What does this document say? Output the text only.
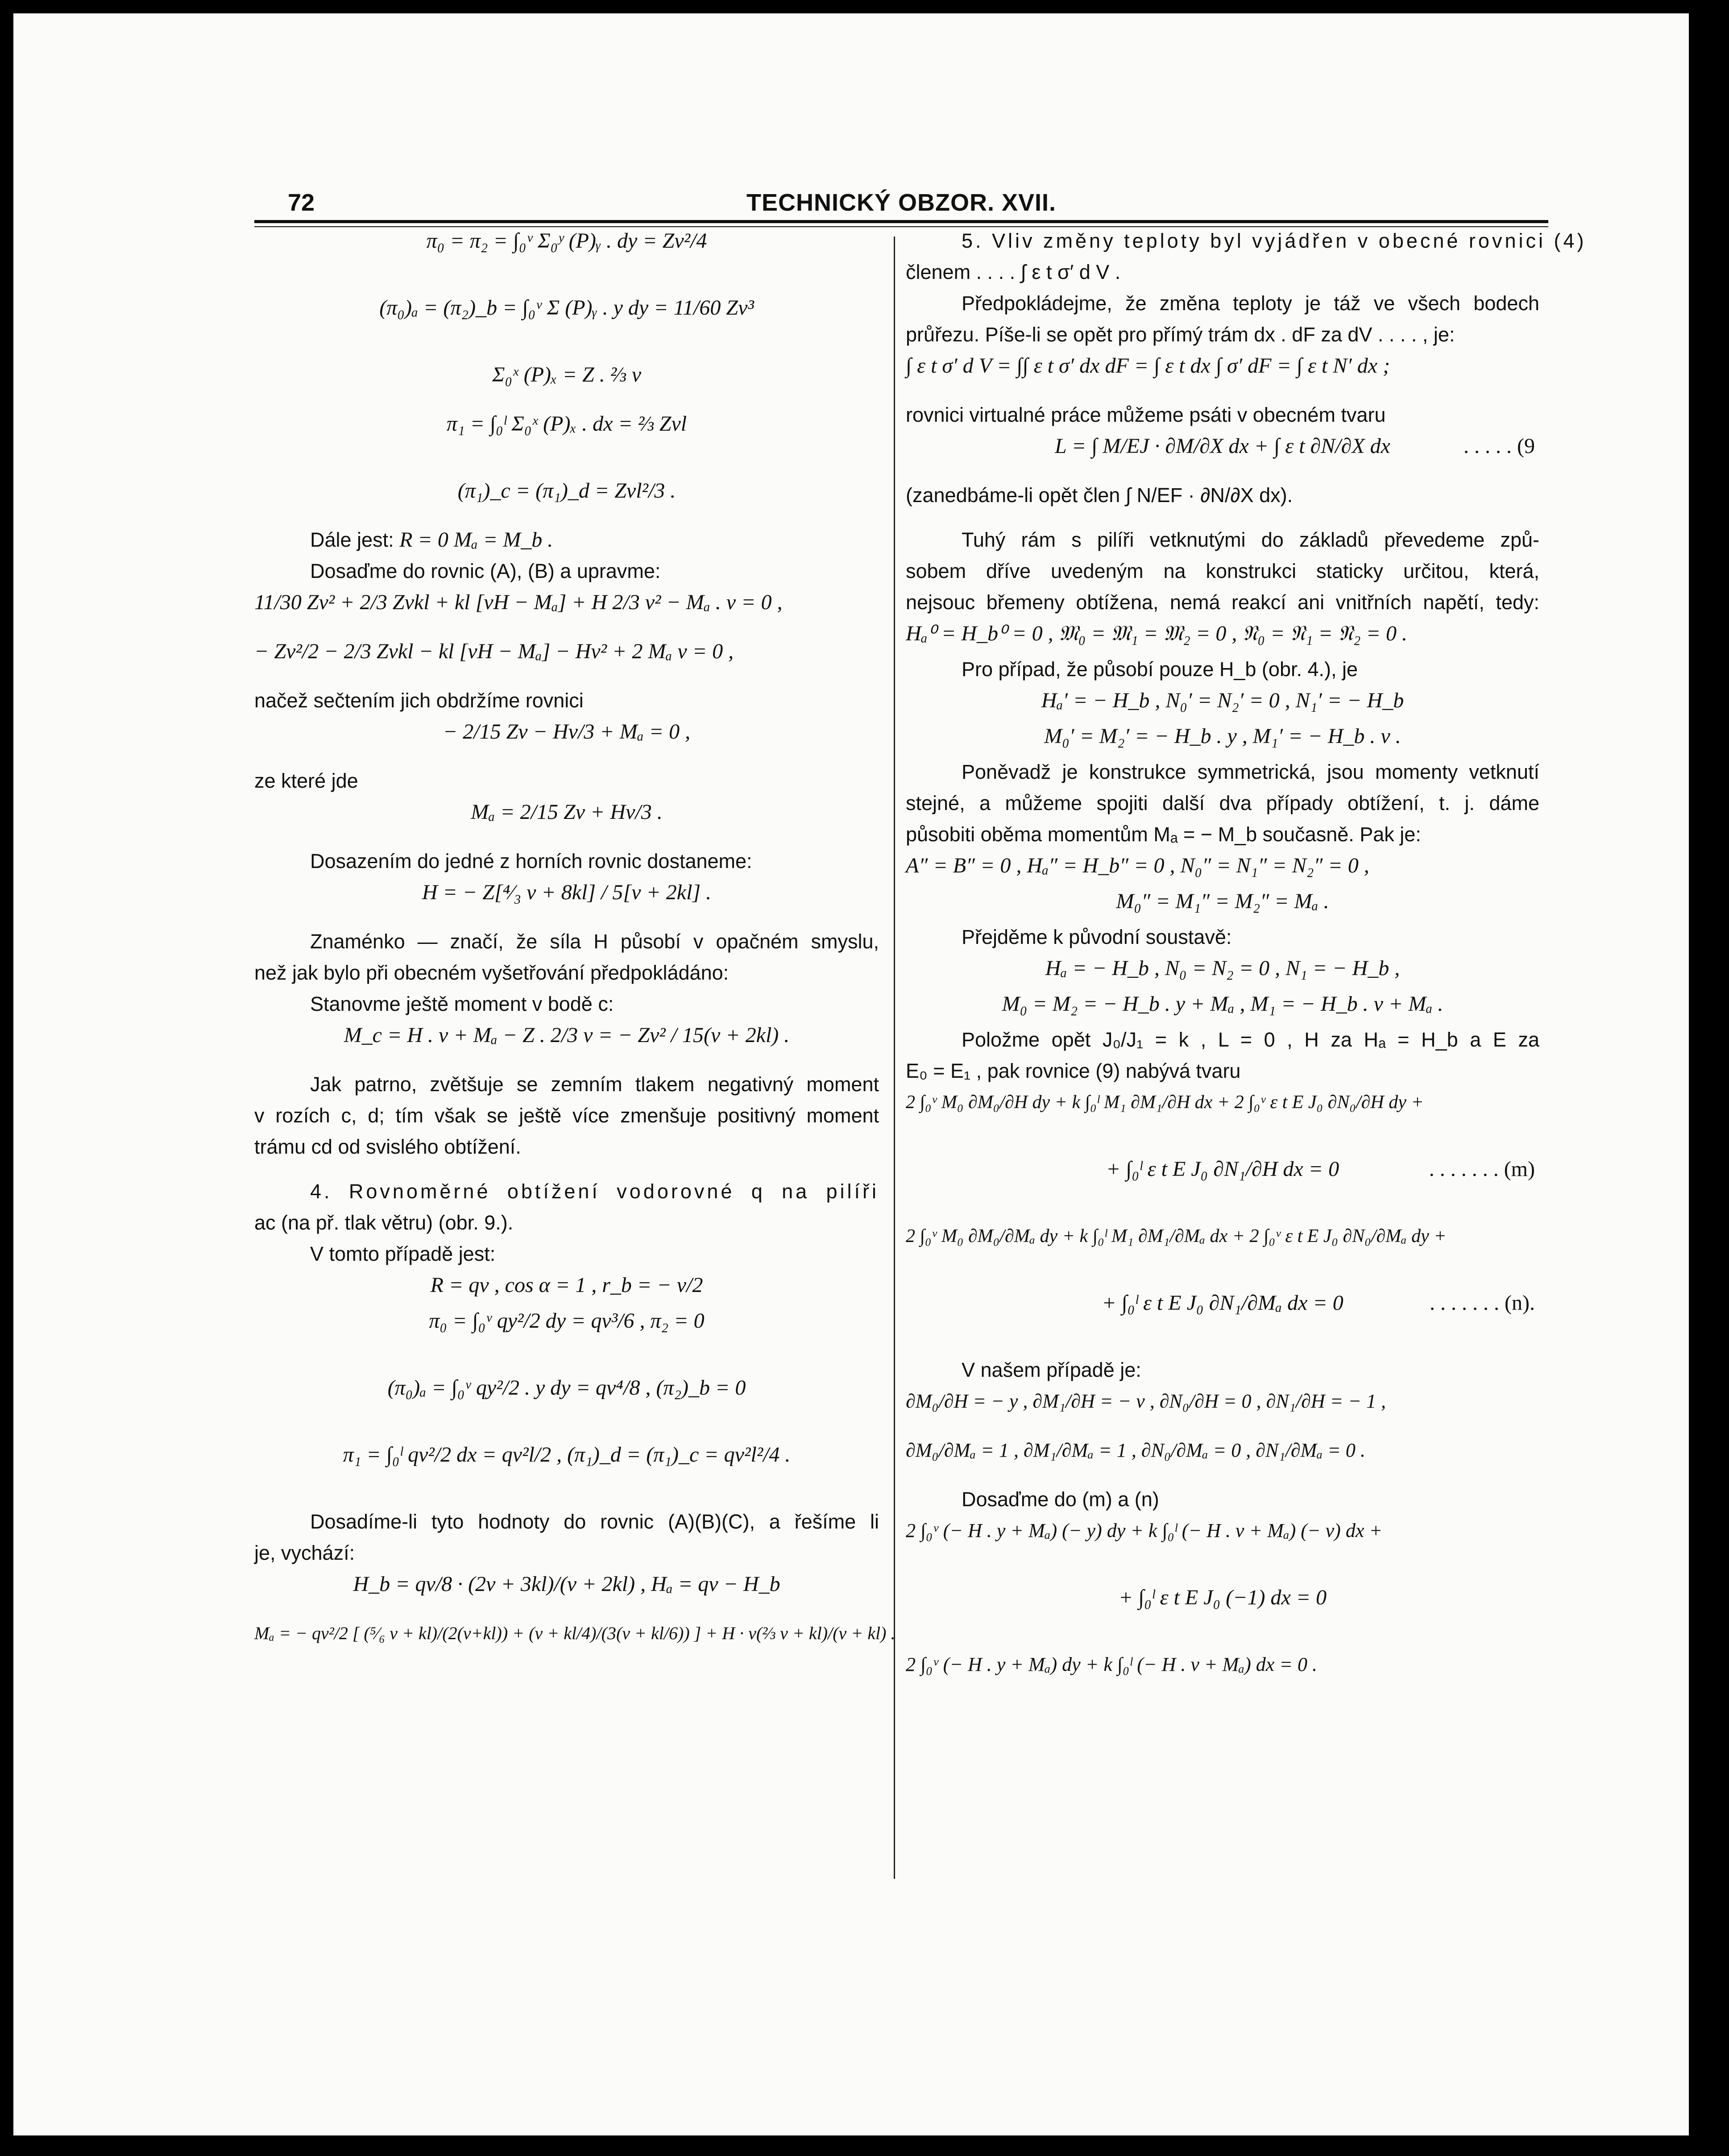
72	TECHNICKÝ OBZOR. XVII.
π₀ = π₂ = ∫₀ᵛ Σ₀ʸ (P)ᵧ . dy = Zv²/4
(π₀)ₐ = (π₂)_b = ∫₀ᵛ Σ (P)ᵧ . y dy = 11/60 Zv³
Σ₀ˣ (P)ₓ = Z . ⅔ v
π₁ = ∫₀ˡ Σ₀ˣ (P)ₓ . dx = ⅔ Zvl
(π₁)_c = (π₁)_d = Zvl²/3 .
Dále jest: R = 0 Mₐ = M_b .
Dosaďme do rovnic (A), (B) a upravme:
11/30 Zv² + 2/3 Zvkl + kl [vH − Mₐ] + H 2/3 v² − Mₐ . v = 0 ,
− Zv²/2 − 2/3 Zvkl − kl [vH − Mₐ] − Hv² + 2 Mₐ v = 0 ,
načež sečtením jich obdržíme rovnici
− 2/15 Zv − Hv/3 + Mₐ = 0 ,
ze které jde
Mₐ = 2/15 Zv + Hv/3 .
Dosazením do jedné z horních rovnic dostaneme:
H = − Z[⁴⁄₃ v + 8kl] / 5[v + 2kl] .
Znaménko — značí, že síla H působí v opačném smyslu,
než jak bylo při obecném vyšetřování předpokládáno:
Stanovme ještě moment v bodě c:
M_c = H . v + Mₐ − Z . 2/3 v = − Zv² / 15(v + 2kl) .
Jak patrno, zvětšuje se zemním tlakem negativný moment
v rozích c, d; tím však se ještě více zmenšuje positivný moment
trámu cd od svislého obtížení.
4. Rovnoměrné obtížení vodorovné q na pilíři
ac (na př. tlak větru) (obr. 9.).
V tomto případě jest:
R = qv , cos α = 1 , r_b = − v/2
π₀ = ∫₀ᵛ qy²/2 dy = qv³/6 , π₂ = 0
(π₀)ₐ = ∫₀ᵛ qy²/2 . y dy = qv⁴/8 , (π₂)_b = 0
π₁ = ∫₀ˡ qv²/2 dx = qv²l/2 , (π₁)_d = (π₁)_c = qv²l²/4 .
Dosadíme-li tyto hodnoty do rovnic (A)(B)(C), a řešíme li
je, vychází:
H_b = qv/8 · (2v + 3kl)/(v + 2kl) , Hₐ = qv − H_b
Mₐ = − qv²/2 [ (⁵⁄₆ v + kl)/(2(v+kl)) + (v + kl/4)/(3(v + kl/6)) ] + H · v(⅔ v + kl)/(v + kl) .
5. Vliv změny teploty byl vyjádřen v obecné rovnici (4)
členem . . . . ∫ ε t σ′ d V .
Předpokládejme, že změna teploty je táž ve všech bodech
průřezu. Píše-li se opět pro přímý trám dx . dF za dV . . . . , je:
∫ ε t σ′ d V = ∫∫ ε t σ′ dx dF = ∫ ε t dx ∫ σ′ dF = ∫ ε t N′ dx ;
rovnici virtualné práce můžeme psáti v obecném tvaru
L = ∫ M/EJ · ∂M/∂X dx + ∫ ε t ∂N/∂X dx	. . . . . (9
(zanedbáme-li opět člen ∫ N/EF · ∂N/∂X dx).
Tuhý rám s pilíři vetknutými do základů převedeme způ-
sobem dříve uvedeným na konstrukci staticky určitou, která,
nejsouc břemeny obtížena, nemá reakcí ani vnitřních napětí, tedy:
Hₐ⁰ = H_b⁰ = 0 , 𝔐₀ = 𝔐₁ = 𝔐₂ = 0 , 𝔑₀ = 𝔑₁ = 𝔑₂ = 0 .
Pro případ, že působí pouze H_b (obr. 4.), je
Hₐ′ = − H_b , N₀′ = N₂′ = 0 , N₁′ = − H_b
M₀′ = M₂′ = − H_b . y , M₁′ = − H_b . v .
Poněvadž je konstrukce symmetrická, jsou momenty vetknutí
stejné, a můžeme spojiti další dva případy obtížení, t. j. dáme
působiti oběma momentům Mₐ = − M_b současně. Pak je:
A″ = B″ = 0 , Hₐ″ = H_b″ = 0 , N₀″ = N₁″ = N₂″ = 0 ,
M₀″ = M₁″ = M₂″ = Mₐ .
Přejděme k původní soustavě:
Hₐ = − H_b , N₀ = N₂ = 0 , N₁ = − H_b ,
M₀ = M₂ = − H_b . y + Mₐ , M₁ = − H_b . v + Mₐ .
Položme opět J₀/J₁ = k , L = 0 , H za Hₐ = H_b a E za
E₀ = E₁ , pak rovnice (9) nabývá tvaru
2 ∫₀ᵛ M₀ ∂M₀/∂H dy + k ∫₀ˡ M₁ ∂M₁/∂H dx + 2 ∫₀ᵛ ε t E J₀ ∂N₀/∂H dy +
+ ∫₀ˡ ε t E J₀ ∂N₁/∂H dx = 0	. . . . . . . (m)
2 ∫₀ᵛ M₀ ∂M₀/∂Mₐ dy + k ∫₀ˡ M₁ ∂M₁/∂Mₐ dx + 2 ∫₀ᵛ ε t E J₀ ∂N₀/∂Mₐ dy +
+ ∫₀ˡ ε t E J₀ ∂N₁/∂Mₐ dx = 0	. . . . . . . (n).
V našem případě je:
∂M₀/∂H = − y , ∂M₁/∂H = − v , ∂N₀/∂H = 0 , ∂N₁/∂H = − 1 ,
∂M₀/∂Mₐ = 1 , ∂M₁/∂Mₐ = 1 , ∂N₀/∂Mₐ = 0 , ∂N₁/∂Mₐ = 0 .
Dosaďme do (m) a (n)
2 ∫₀ᵛ (− H . y + Mₐ) (− y) dy + k ∫₀ˡ (− H . v + Mₐ) (− v) dx +
+ ∫₀ˡ ε t E J₀ (−1) dx = 0
2 ∫₀ᵛ (− H . y + Mₐ) dy + k ∫₀ˡ (− H . v + Mₐ) dx = 0 .
